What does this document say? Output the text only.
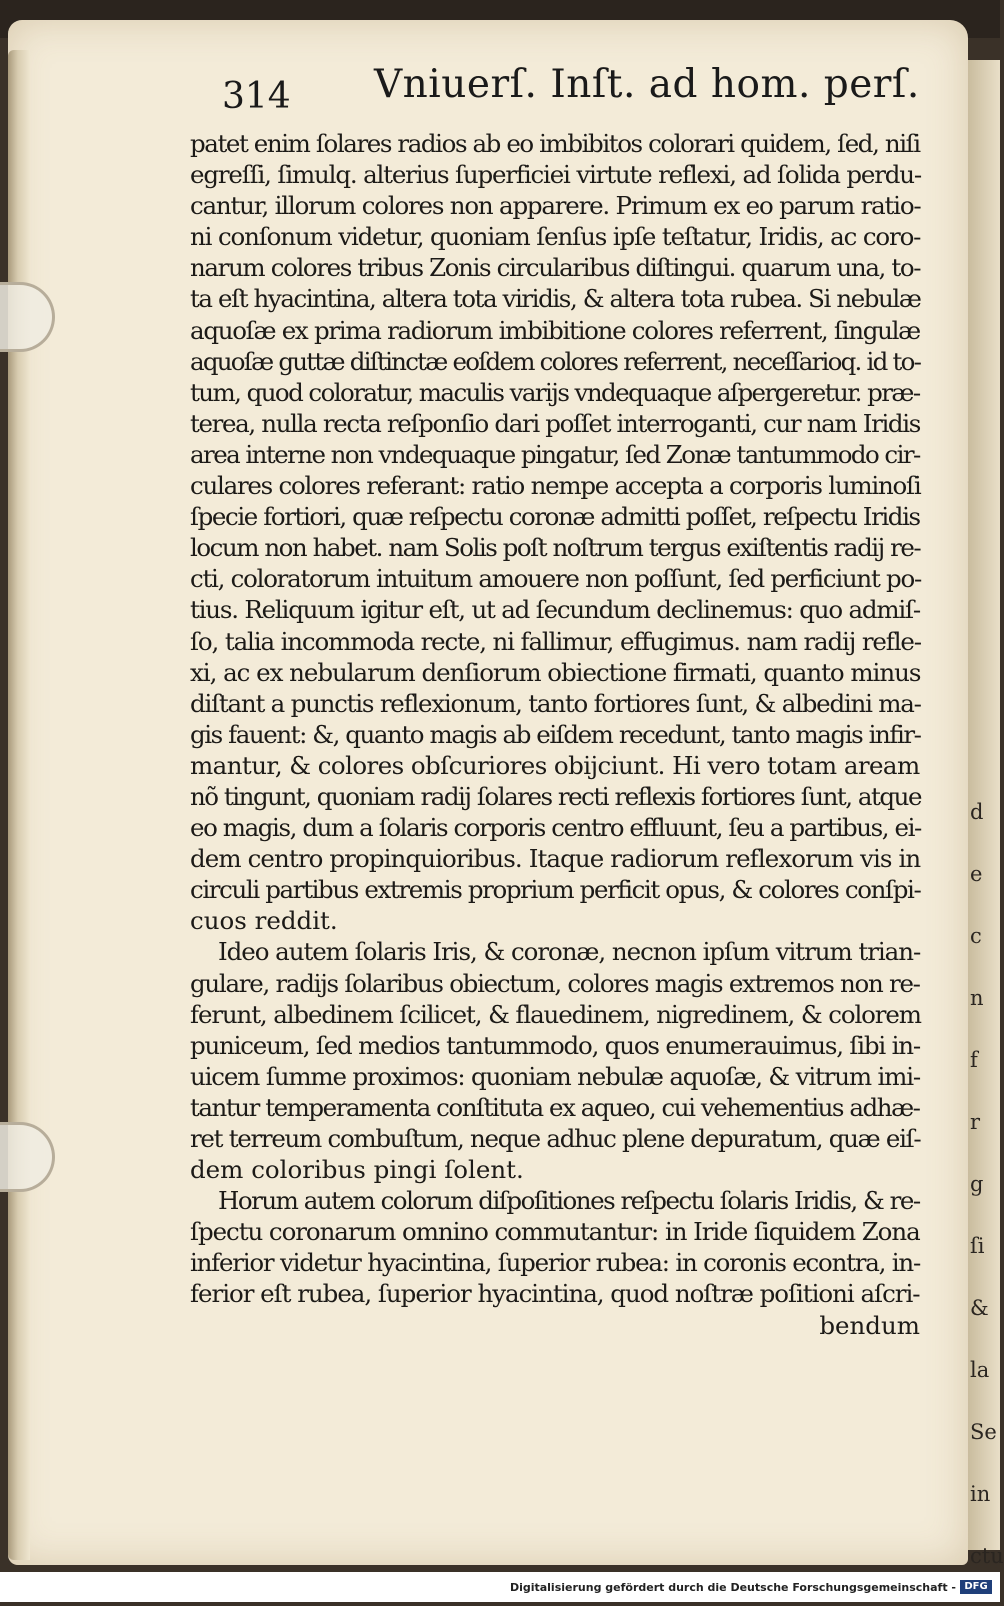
314 Vniuerſ. Inſt. ad hom. perſ.
patet enim ſolares radios ab eo imbibitos colorari quidem, ſed, niſi
egreſſi, ſimulq. alterius ſuperficiei virtute reflexi, ad ſolida perdu-
cantur, illorum colores non apparere. Primum ex eo parum ratio-
ni conſonum videtur, quoniam ſenſus ipſe teſtatur, Iridis, ac coro-
narum colores tribus Zonis circularibus diſtingui. quarum una, to-
ta eſt hyacintina, altera tota viridis, & altera tota rubea. Si nebulæ
aquoſæ ex prima radiorum imbibitione colores referrent, ſingulæ
aquoſæ guttæ diſtinctæ eoſdem colores referrent, neceſſarioq. id to-
tum, quod coloratur, maculis varijs vndequaque aſpergeretur. præ-
terea, nulla recta reſponſio dari poſſet interroganti, cur nam Iridis
area interne non vndequaque pingatur, ſed Zonæ tantummodo cir-
culares colores referant: ratio nempe accepta a corporis luminoſi
ſpecie fortiori, quæ reſpectu coronæ admitti poſſet, reſpectu Iridis
locum non habet. nam Solis poſt noſtrum tergus exiſtentis radij re-
cti, coloratorum intuitum amouere non poſſunt, ſed perficiunt po-
tius. Reliquum igitur eſt, ut ad ſecundum declinemus: quo admiſ-
ſo, talia incommoda recte, ni fallimur, effugimus. nam radij refle-
xi, ac ex nebularum denſiorum obiectione firmati, quanto minus
diſtant a punctis reflexionum, tanto fortiores ſunt, & albedini ma-
gis fauent: &, quanto magis ab eiſdem recedunt, tanto magis infir-
mantur, & colores obſcuriores obijciunt. Hi vero totam aream
nõ tingunt, quoniam radij ſolares recti reflexis fortiores ſunt, atque
eo magis, dum a ſolaris corporis centro effluunt, ſeu a partibus, ei-
dem centro propinquioribus. Itaque radiorum reflexorum vis in
circuli partibus extremis proprium perficit opus, & colores conſpi-
cuos reddit.
Ideo autem ſolaris Iris, & coronæ, necnon ipſum vitrum trian-
gulare, radijs ſolaribus obiectum, colores magis extremos non re-
ferunt, albedinem ſcilicet, & flauedinem, nigredinem, & colorem
puniceum, ſed medios tantummodo, quos enumerauimus, ſibi in-
uicem ſumme proximos: quoniam nebulæ aquoſæ, & vitrum imi-
tantur temperamenta conſtituta ex aqueo, cui vehementius adhæ-
ret terreum combuſtum, neque adhuc plene depuratum, quæ eiſ-
dem coloribus pingi ſolent.
Horum autem colorum diſpoſitiones reſpectu ſolaris Iridis, & re-
ſpectu coronarum omnino commutantur: in Iride ſiquidem Zona
inferior videtur hyacintina, ſuperior rubea: in coronis econtra, in-
ferior eſt rubea, ſuperior hyacintina, quod noſtræ poſitioni aſcri-
bendum
d
e
c
n
f
r
g
ſi
&
la
Se
in
ctu
Digitalisierung gefördert durch die Deutsche Forschungsgemeinschaft - DFG
